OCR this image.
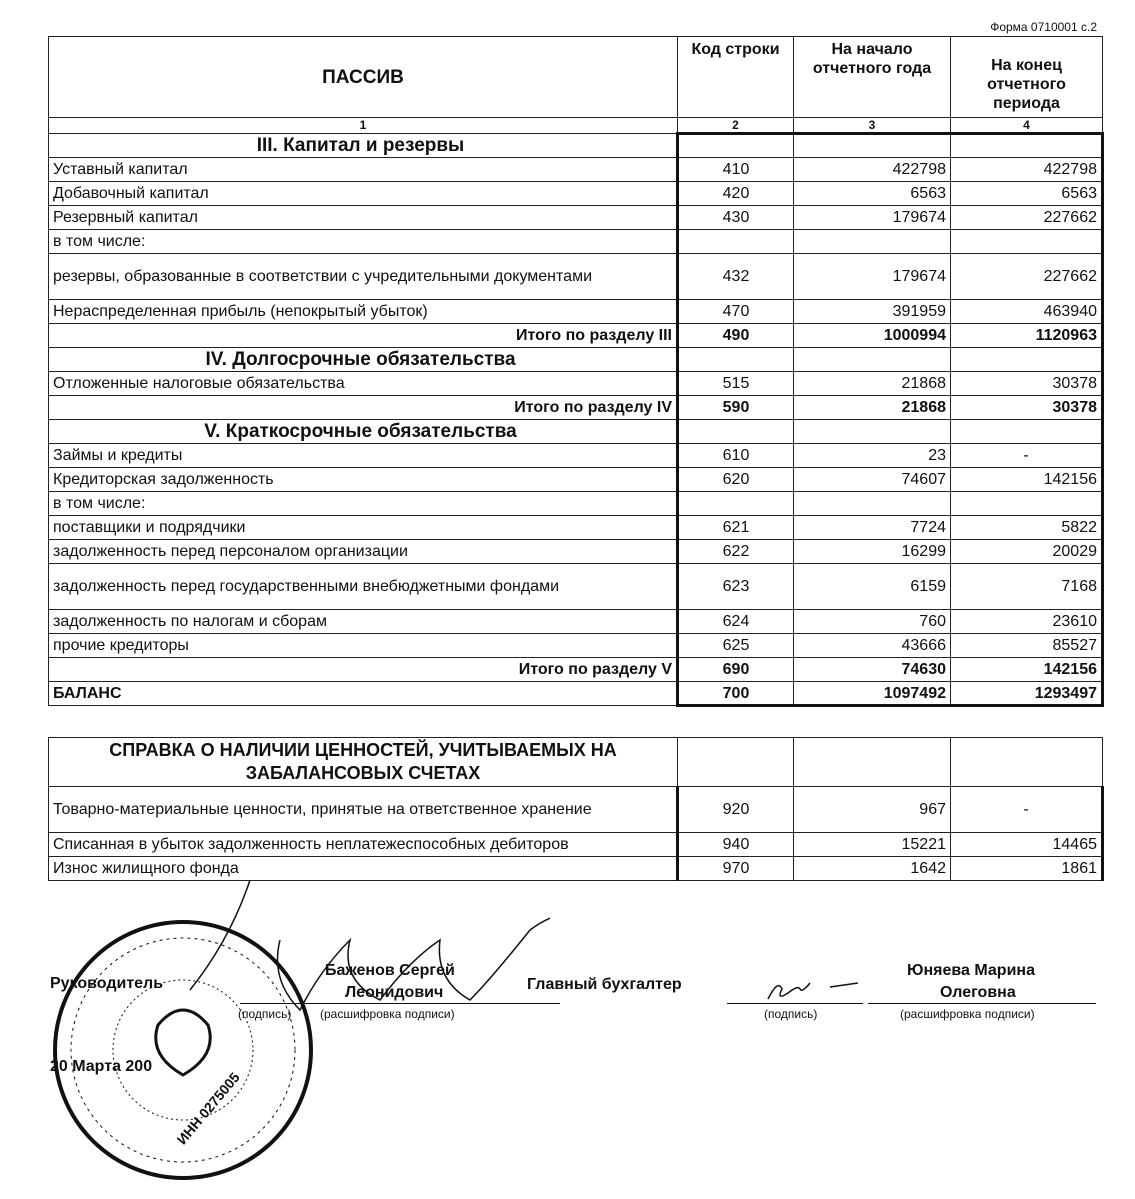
Форма 0710001 с.2
ПАССИВ	Код строки	На начало отчетного года	На конец отчетного периода
1	2	3	4
III. Капитал и резервы			
Уставный капитал	410	422798	422798
Добавочный капитал	420	6563	6563
Резервный капитал	430	179674	227662
в том числе:			
резервы, образованные в соответствии с учредительными документами	432	179674	227662
Нераспределенная прибыль (непокрытый убыток)	470	391959	463940
Итого по разделу III	490	1000994	1120963
IV. Долгосрочные обязательства			
Отложенные налоговые обязательства	515	21868	30378
Итого по разделу IV	590	21868	30378
V. Краткосрочные обязательства			
Займы и кредиты	610	23	-
Кредиторская задолженность	620	74607	142156
в том числе:			
поставщики и подрядчики	621	7724	5822
задолженность перед персоналом организации	622	16299	20029
задолженность перед государственными внебюджетными фондами	623	6159	7168
задолженность по налогам и сборам	624	760	23610
прочие кредиторы	625	43666	85527
Итого по разделу V	690	74630	142156
БАЛАНС	700	1097492	1293497
СПРАВКА О НАЛИЧИИ ЦЕННОСТЕЙ, УЧИТЫВАЕМЫХ НА ЗАБАЛАНСОВЫХ СЧЕТАХ			
Товарно-материальные ценности, принятые на ответственное хранение	920	967	-
Списанная в убыток задолженность неплатежеспособных дебиторов	940	15221	14465
Износ жилищного фонда	970	1642	1861
ИНН 0275005
Руководитель
(подпись)
Баженов Сергей
Леонидович
(расшифровка подписи)
Главный бухгалтер
(подпись)
Юняева Марина
Олеговна
(расшифровка подписи)
20 Марта 200
